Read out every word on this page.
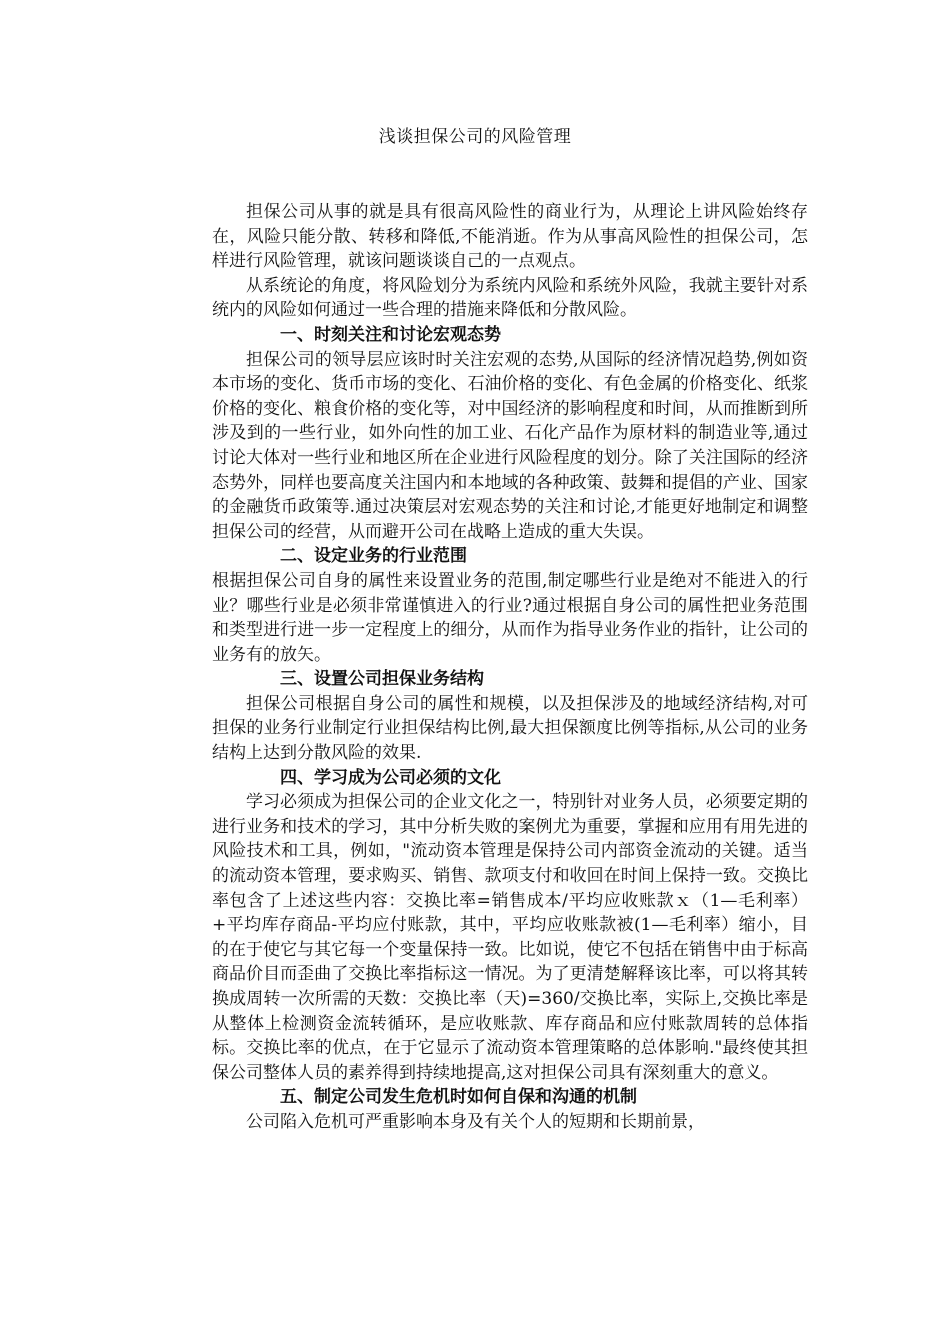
浅谈担保公司的风险管理

担保公司从事的就是具有很高风险性的商业行为，从理论上讲风险始终存在，风险只能分散、转移和降低,不能消逝。作为从事高风险性的担保公司，怎样进行风险管理，就该问题谈谈自己的一点观点。

从系统论的角度，将风险划分为系统内风险和系统外风险，我就主要针对系统内的风险如何通过一些合理的措施来降低和分散风险。

一、时刻关注和讨论宏观态势

担保公司的领导层应该时时关注宏观的态势,从国际的经济情况趋势,例如资本市场的变化、货币市场的变化、石油价格的变化、有色金属的价格变化、纸浆价格的变化、粮食价格的变化等，对中国经济的影响程度和时间，从而推断到所涉及到的一些行业，如外向性的加工业、石化产品作为原材料的制造业等,通过讨论大体对一些行业和地区所在企业进行风险程度的划分。除了关注国际的经济态势外，同样也要高度关注国内和本地域的各种政策、鼓舞和提倡的产业、国家的金融货币政策等.通过决策层对宏观态势的关注和讨论,才能更好地制定和调整担保公司的经营，从而避开公司在战略上造成的重大失误。

二、设定业务的行业范围

根据担保公司自身的属性来设置业务的范围,制定哪些行业是绝对不能进入的行业？哪些行业是必须非常谨慎进入的行业?通过根据自身公司的属性把业务范围和类型进行进一步一定程度上的细分，从而作为指导业务作业的指针，让公司的业务有的放矢。

三、设置公司担保业务结构

担保公司根据自身公司的属性和规模，以及担保涉及的地域经济结构,对可担保的业务行业制定行业担保结构比例,最大担保额度比例等指标,从公司的业务结构上达到分散风险的效果.

四、学习成为公司必须的文化

学习必须成为担保公司的企业文化之一，特别针对业务人员，必须要定期的进行业务和技术的学习，其中分析失败的案例尤为重要，掌握和应用有用先进的风险技术和工具，例如，"流动资本管理是保持公司内部资金流动的关键。适当的流动资本管理，要求购买、销售、款项支付和收回在时间上保持一致。交换比率包含了上述这些内容：交换比率=销售成本/平均应收账款ｘ（1—毛利率）+平均库存商品-平均应付账款，其中，平均应收账款被(1—毛利率）缩小，目的在于使它与其它每一个变量保持一致。比如说，使它不包括在销售中由于标高商品价目而歪曲了交换比率指标这一情况。为了更清楚解释该比率，可以将其转换成周转一次所需的天数：交换比率（天)=360/交换比率，实际上,交换比率是从整体上检测资金流转循环，是应收账款、库存商品和应付账款周转的总体指标。交换比率的优点，在于它显示了流动资本管理策略的总体影响."最终使其担保公司整体人员的素养得到持续地提高,这对担保公司具有深刻重大的意义。

五、制定公司发生危机时如何自保和沟通的机制

公司陷入危机可严重影响本身及有关个人的短期和长期前景，
